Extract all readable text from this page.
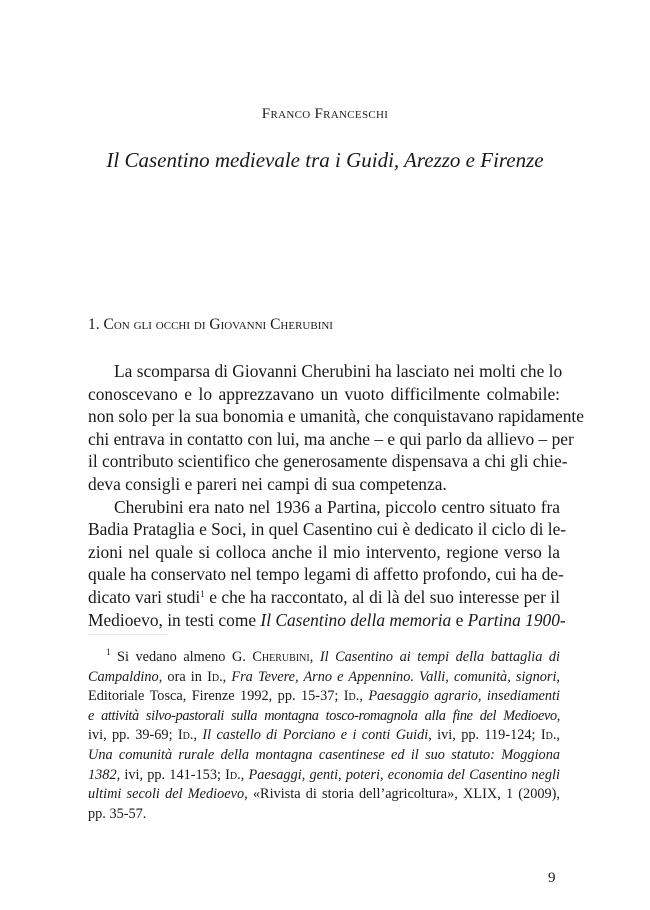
Franco Franceschi
Il Casentino medievale tra i Guidi, Arezzo e Firenze
1. Con gli occhi di Giovanni Cherubini
La scomparsa di Giovanni Cherubini ha lasciato nei molti che lo
conoscevano e lo apprezzavano un vuoto difficilmente colmabile:
non solo per la sua bonomia e umanità, che conquistavano rapidamente
chi entrava in contatto con lui, ma anche – e qui parlo da allievo – per
il contributo scientifico che generosamente dispensava a chi gli chie-
deva consigli e pareri nei campi di sua competenza.
Cherubini era nato nel 1936 a Partina, piccolo centro situato fra
Badia Prataglia e Soci, in quel Casentino cui è dedicato il ciclo di le-
zioni nel quale si colloca anche il mio intervento, regione verso la
quale ha conservato nel tempo legami di affetto profondo, cui ha de-
dicato vari studi$^1$ e che ha raccontato, al di là del suo interesse per il
Medioevo, in testi come Il Casentino della memoria e Partina 1900-
$^1$ Si vedano almeno G. Cherubini, Il Casentino ai tempi della battaglia di
Campaldino, ora in Id., Fra Tevere, Arno e Appennino. Valli, comunità, signori,
Editoriale Tosca, Firenze 1992, pp. 15-37; Id., Paesaggio agrario, insediamenti
e attività silvo-pastorali sulla montagna tosco-romagnola alla fine del Medioevo,
ivi, pp. 39-69; Id., Il castello di Porciano e i conti Guidi, ivi, pp. 119-124; Id.,
Una comunità rurale della montagna casentinese ed il suo statuto: Moggiona
1382, ivi, pp. 141-153; Id., Paesaggi, genti, poteri, economia del Casentino negli
ultimi secoli del Medioevo, «Rivista di storia dell’agricoltura», XLIX, 1 (2009),
pp. 35-57.
9
